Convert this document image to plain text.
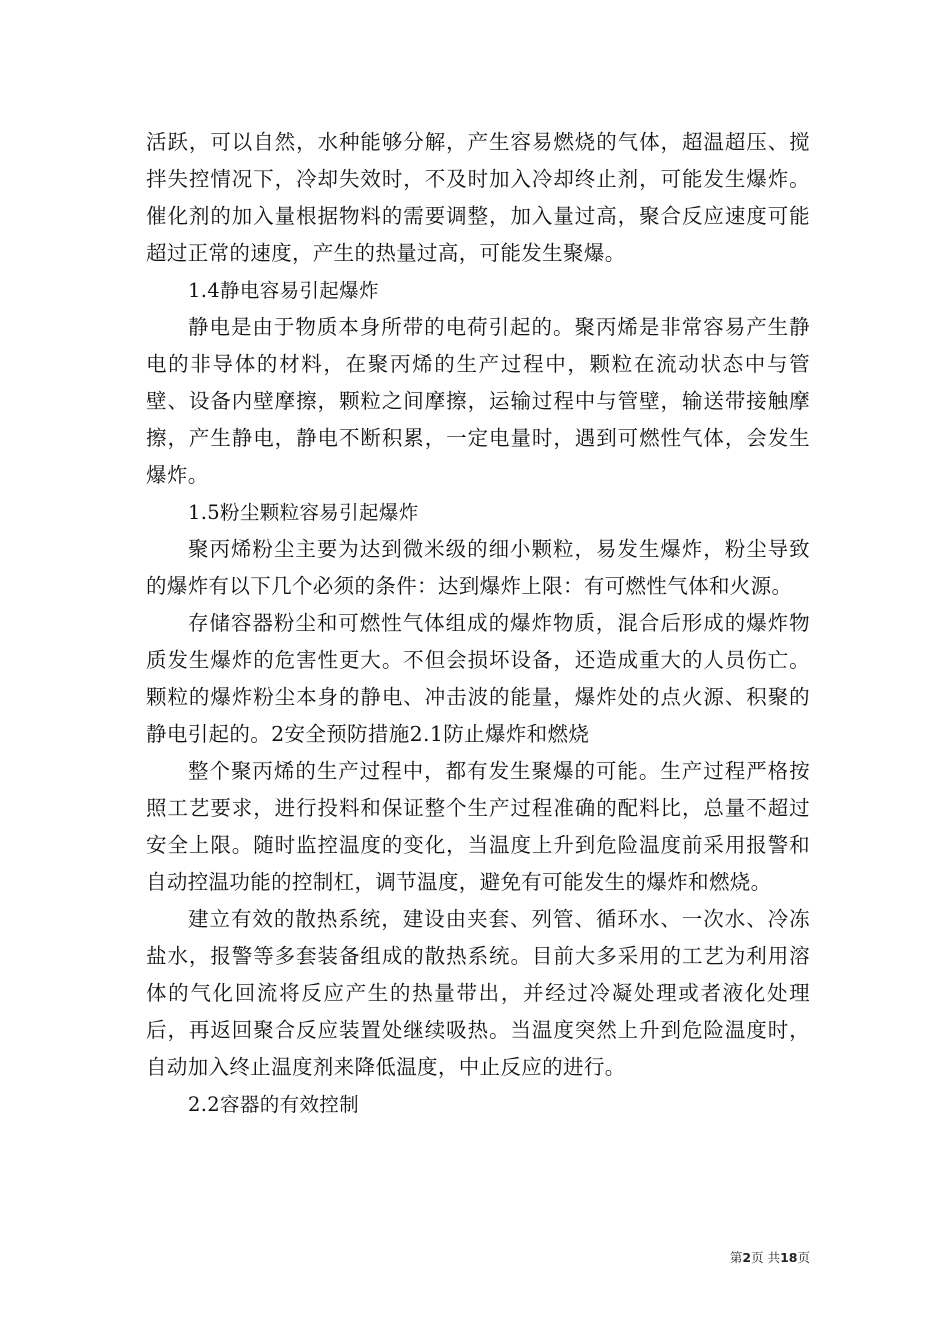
活跃，可以自然，水种能够分解，产生容易燃烧的气体，超温超压、搅拌失控情况下，冷却失效时，不及时加入冷却终止剂，可能发生爆炸。催化剂的加入量根据物料的需要调整，加入量过高，聚合反应速度可能超过正常的速度，产生的热量过高，可能发生聚爆。

1.4静电容易引起爆炸

静电是由于物质本身所带的电荷引起的。聚丙烯是非常容易产生静电的非导体的材料，在聚丙烯的生产过程中，颗粒在流动状态中与管壁、设备内壁摩擦，颗粒之间摩擦，运输过程中与管壁，输送带接触摩擦，产生静电，静电不断积累，一定电量时，遇到可燃性气体，会发生爆炸。

1.5粉尘颗粒容易引起爆炸

聚丙烯粉尘主要为达到微米级的细小颗粒，易发生爆炸，粉尘导致的爆炸有以下几个必须的条件：达到爆炸上限：有可燃性气体和火源。

存储容器粉尘和可燃性气体组成的爆炸物质，混合后形成的爆炸物质发生爆炸的危害性更大。不但会损坏设备，还造成重大的人员伤亡。颗粒的爆炸粉尘本身的静电、冲击波的能量，爆炸处的点火源、积聚的静电引起的。2安全预防措施2.1防止爆炸和燃烧

整个聚丙烯的生产过程中，都有发生聚爆的可能。生产过程严格按照工艺要求，进行投料和保证整个生产过程准确的配料比，总量不超过安全上限。随时监控温度的变化，当温度上升到危险温度前采用报警和自动控温功能的控制杠，调节温度，避免有可能发生的爆炸和燃烧。

建立有效的散热系统，建设由夹套、列管、循环水、一次水、冷冻盐水，报警等多套装备组成的散热系统。目前大多采用的工艺为利用溶体的气化回流将反应产生的热量带出，并经过冷凝处理或者液化处理后，再返回聚合反应装置处继续吸热。当温度突然上升到危险温度时，自动加入终止温度剂来降低温度，中止反应的进行。

2.2容器的有效控制

第2页 共18页
